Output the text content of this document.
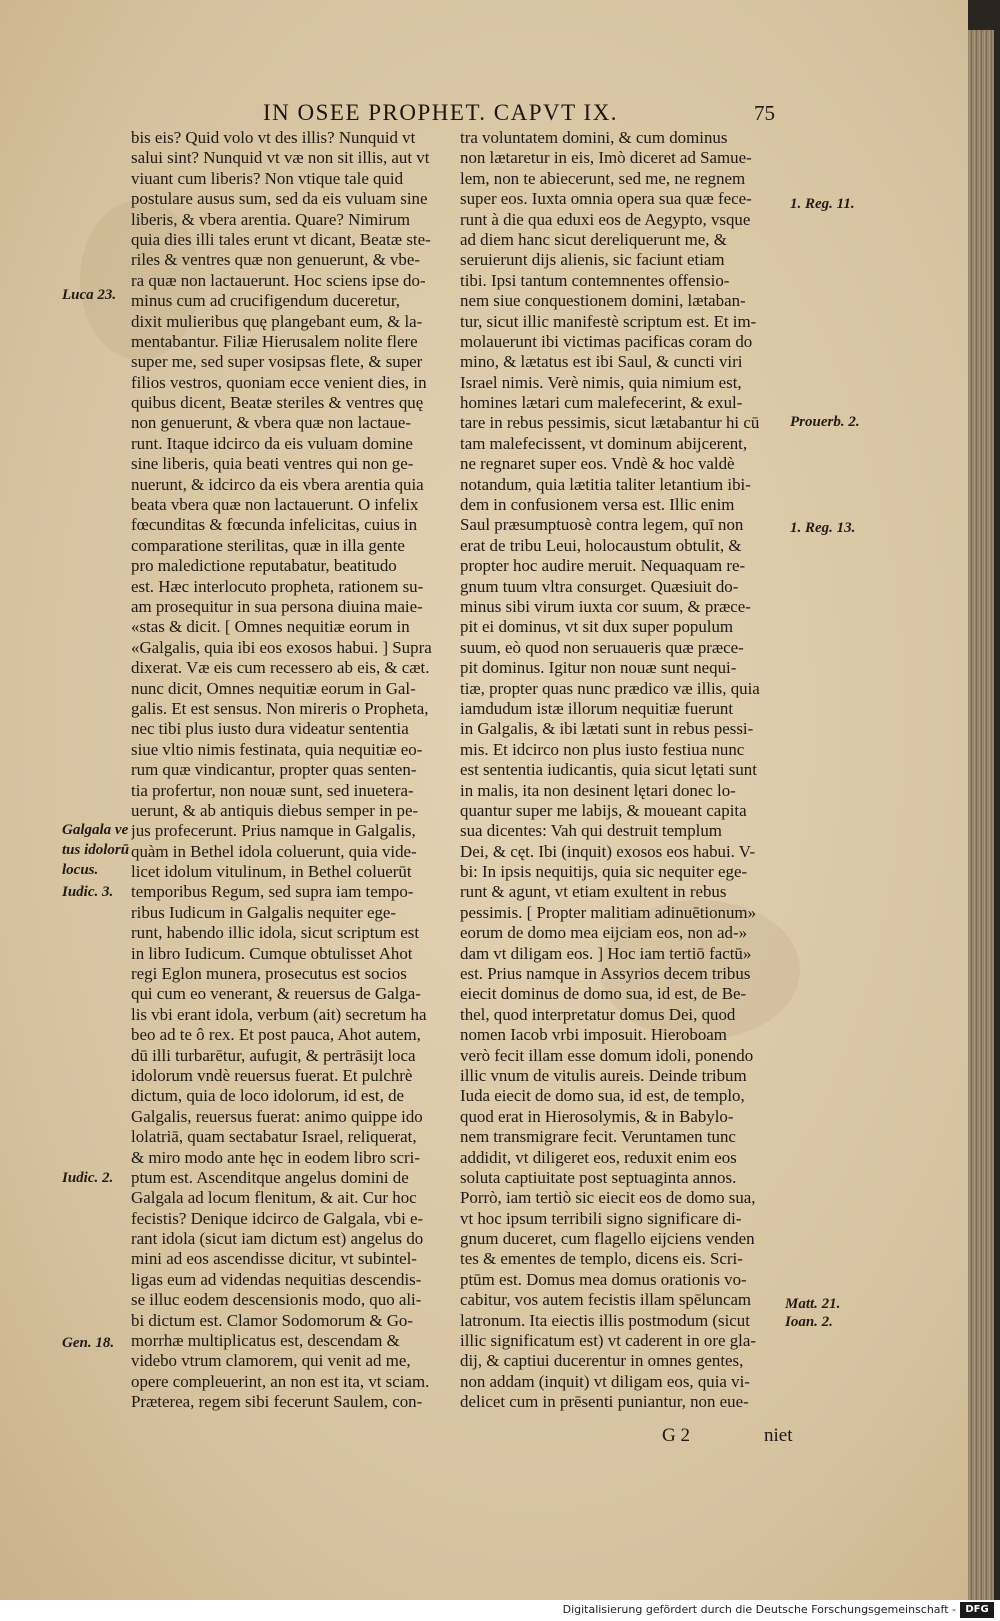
IN OSEE PROPHET. CAPVT IX.	75
bis eis? Quid volo vt des illis? Nunquid vt
salui sint? Nunquid vt væ non sit illis, aut vt
viuant cum liberis? Non vtique tale quid
postulare ausus sum, sed da eis vuluam sine
liberis, & vbera arentia. Quare? Nimirum
quia dies illi tales erunt vt dicant, Beatæ ste-
riles & ventres quæ non genuerunt, & vbe-
ra quæ non lactauerunt. Hoc sciens ipse do-
minus cum ad crucifigendum duceretur,
dixit mulieribus quę plangebant eum, & la-
mentabantur. Filiæ Hierusalem nolite flere
super me, sed super vosipsas flete, & super
filios vestros, quoniam ecce venient dies, in
quibus dicent, Beatæ steriles & ventres quę
non genuerunt, & vbera quæ non lactaue-
runt. Itaque idcirco da eis vuluam domine
sine liberis, quia beati ventres qui non ge-
nuerunt, & idcirco da eis vbera arentia quia
beata vbera quæ non lactauerunt. O infelix
fœcunditas & fœcunda infelicitas, cuius in
comparatione sterilitas, quæ in illa gente
pro maledictione reputabatur, beatitudo
est. Hæc interlocuto propheta, rationem su-
am prosequitur in sua persona diuina maie-
«stas & dicit. [ Omnes nequitiæ eorum in
«Galgalis, quia ibi eos exosos habui. ] Supra
dixerat. Væ eis cum recessero ab eis, & cæt.
nunc dicit, Omnes nequitiæ eorum in Gal-
galis. Et est sensus. Non mireris o Propheta,
nec tibi plus iusto dura videatur sententia
siue vltio nimis festinata, quia nequitiæ eo-
rum quæ vindicantur, propter quas senten-
tia profertur, non nouæ sunt, sed inuetera-
uerunt, & ab antiquis diebus semper in pe-
jus profecerunt. Prius namque in Galgalis,
quàm in Bethel idola coluerunt, quia vide-
licet idolum vitulinum, in Bethel coluerūt
temporibus Regum, sed supra iam tempo-
ribus Iudicum in Galgalis nequiter ege-
runt, habendo illic idola, sicut scriptum est
in libro Iudicum. Cumque obtulisset Ahot
regi Eglon munera, prosecutus est socios
qui cum eo venerant, & reuersus de Galga-
lis vbi erant idola, verbum (ait) secretum ha
beo ad te ô rex. Et post pauca, Ahot autem,
dū illi turbarētur, aufugit, & pertrāsijt loca
idolorum vndè reuersus fuerat. Et pulchrè
dictum, quia de loco idolorum, id est, de
Galgalis, reuersus fuerat: animo quippe ido
lolatriā, quam sectabatur Israel, reliquerat,
& miro modo ante hęc in eodem libro scri-
ptum est. Ascenditque angelus domini de
Galgala ad locum flenitum, & ait. Cur hoc
fecistis? Denique idcirco de Galgala, vbi e-
rant idola (sicut iam dictum est) angelus do
mini ad eos ascendisse dicitur, vt subintel-
ligas eum ad videndas nequitias descendis-
se illuc eodem descensionis modo, quo ali-
bi dictum est. Clamor Sodomorum & Go-
morrhæ multiplicatus est, descendam &
videbo vtrum clamorem, qui venit ad me,
opere compleuerint, an non est ita, vt sciam.
Præterea, regem sibi fecerunt Saulem, con-
tra voluntatem domini, & cum dominus
non lætaretur in eis, Imò diceret ad Samue-
lem, non te abiecerunt, sed me, ne regnem
super eos. Iuxta omnia opera sua quæ fece-
runt à die qua eduxi eos de Aegypto, vsque
ad diem hanc sicut dereliquerunt me, &
seruierunt dijs alienis, sic faciunt etiam
tibi. Ipsi tantum contemnentes offensio-
nem siue conquestionem domini, lætaban-
tur, sicut illic manifestè scriptum est. Et im-
molauerunt ibi victimas pacificas coram do
mino, & lætatus est ibi Saul, & cuncti viri
Israel nimis. Verè nimis, quia nimium est,
homines lætari cum malefecerint, & exul-
tare in rebus pessimis, sicut lætabantur hi cū
tam malefecissent, vt dominum abijcerent,
ne regnaret super eos. Vndè & hoc valdè
notandum, quia lætitia taliter letantium ibi-
dem in confusionem versa est. Illic enim
Saul præsumptuosè contra legem, quī non
erat de tribu Leui, holocaustum obtulit, &
propter hoc audire meruit. Nequaquam re-
gnum tuum vltra consurget. Quæsiuit do-
minus sibi virum iuxta cor suum, & præce-
pit ei dominus, vt sit dux super populum
suum, eò quod non seruaueris quæ præce-
pit dominus. Igitur non nouæ sunt nequi-
tiæ, propter quas nunc prædico væ illis, quia
iamdudum istæ illorum nequitiæ fuerunt
in Galgalis, & ibi lætati sunt in rebus pessi-
mis. Et idcirco non plus iusto festiua nunc
est sententia iudicantis, quia sicut lętati sunt
in malis, ita non desinent lętari donec lo-
quantur super me labijs, & moueant capita
sua dicentes: Vah qui destruit templum
Dei, & cęt. Ibi (inquit) exosos eos habui. V-
bi: In ipsis nequitijs, quia sic nequiter ege-
runt & agunt, vt etiam exultent in rebus
pessimis. [ Propter malitiam adinuētionum»
eorum de domo mea eijciam eos, non ad-»
dam vt diligam eos. ] Hoc iam tertiō factū»
est. Prius namque in Assyrios decem tribus
eiecit dominus de domo sua, id est, de Be-
thel, quod interpretatur domus Dei, quod
nomen Iacob vrbi imposuit. Hieroboam
verò fecit illam esse domum idoli, ponendo
illic vnum de vitulis aureis. Deinde tribum
Iuda eiecit de domo sua, id est, de templo,
quod erat in Hierosolymis, & in Babylo-
nem transmigrare fecit. Veruntamen tunc
addidit, vt diligeret eos, reduxit enim eos
soluta captiuitate post septuaginta annos.
Porrò, iam tertiò sic eiecit eos de domo sua,
vt hoc ipsum terribili signo significare di-
gnum duceret, cum flagello eijciens venden
tes & ementes de templo, dicens eis. Scri-
ptūm est. Domus mea domus orationis vo-
cabitur, vos autem fecistis illam spēluncam
latronum. Ita eiectis illis postmodum (sicut
illic significatum est) vt caderent in ore gla-
dij, & captiui ducerentur in omnes gentes,
non addam (inquit) vt diligam eos, quia vi-
delicet cum in prēsenti puniantur, non eue-
Luca 23.
Galgala ve
tus idolorū
locus.
Iudic. 3.
Iudic. 2.
Gen. 18.
1. Reg. 11.
Prouerb. 2.
1. Reg. 13.
Matt. 21.
Ioan. 2.
G 2	niet
Digitalisierung gefördert durch die Deutsche Forschungsgemeinschaft - DFG
